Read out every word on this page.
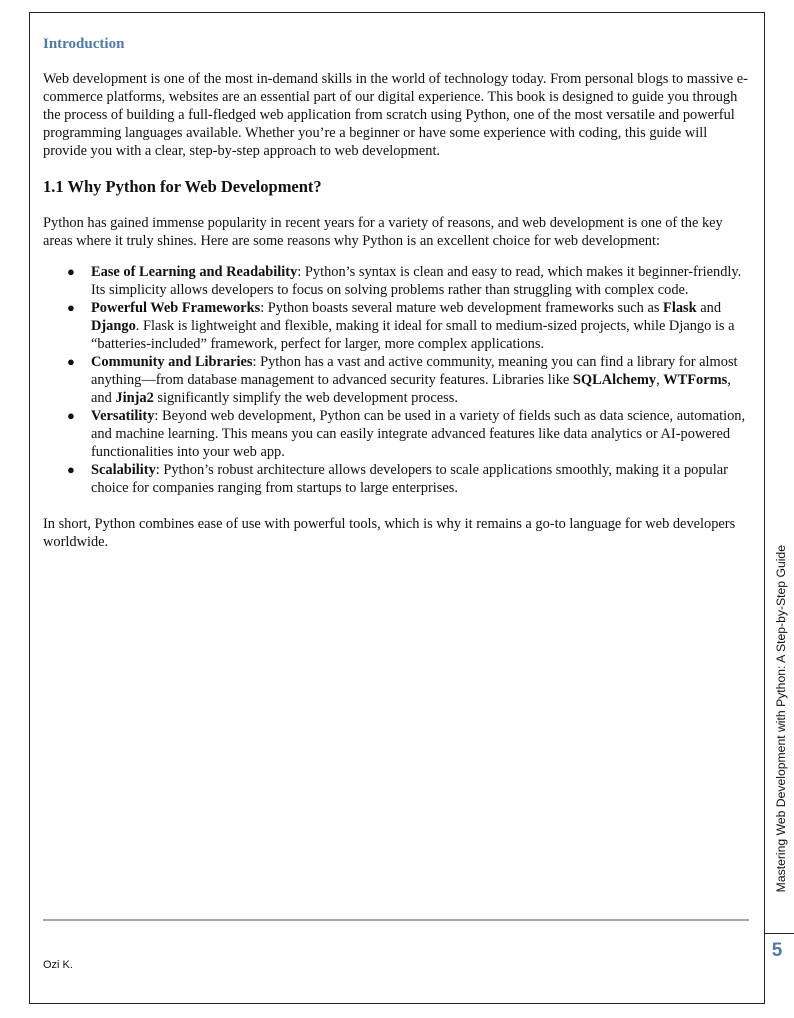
Introduction

Web development is one of the most in-demand skills in the world of technology today. From personal blogs to massive e-commerce platforms, websites are an essential part of our digital experience. This book is designed to guide you through the process of building a full-fledged web application from scratch using Python, one of the most versatile and powerful programming languages available. Whether you’re a beginner or have some experience with coding, this guide will provide you with a clear, step-by-step approach to web development.

1.1 Why Python for Web Development?

Python has gained immense popularity in recent years for a variety of reasons, and web development is one of the key areas where it truly shines. Here are some reasons why Python is an excellent choice for web development:

● Ease of Learning and Readability: Python’s syntax is clean and easy to read, which makes it beginner-friendly. Its simplicity allows developers to focus on solving problems rather than struggling with complex code.
● Powerful Web Frameworks: Python boasts several mature web development frameworks such as Flask and Django. Flask is lightweight and flexible, making it ideal for small to medium-sized projects, while Django is a “batteries-included” framework, perfect for larger, more complex applications.
● Community and Libraries: Python has a vast and active community, meaning you can find a library for almost anything—from database management to advanced security features. Libraries like SQLAlchemy, WTForms, and Jinja2 significantly simplify the web development process.
● Versatility: Beyond web development, Python can be used in a variety of fields such as data science, automation, and machine learning. This means you can easily integrate advanced features like data analytics or AI-powered functionalities into your web app.
● Scalability: Python’s robust architecture allows developers to scale applications smoothly, making it a popular choice for companies ranging from startups to large enterprises.

In short, Python combines ease of use with powerful tools, which is why it remains a go-to language for web developers worldwide.

Ozi K.
Mastering Web Development with Python: A Step-by-Step Guide
5
